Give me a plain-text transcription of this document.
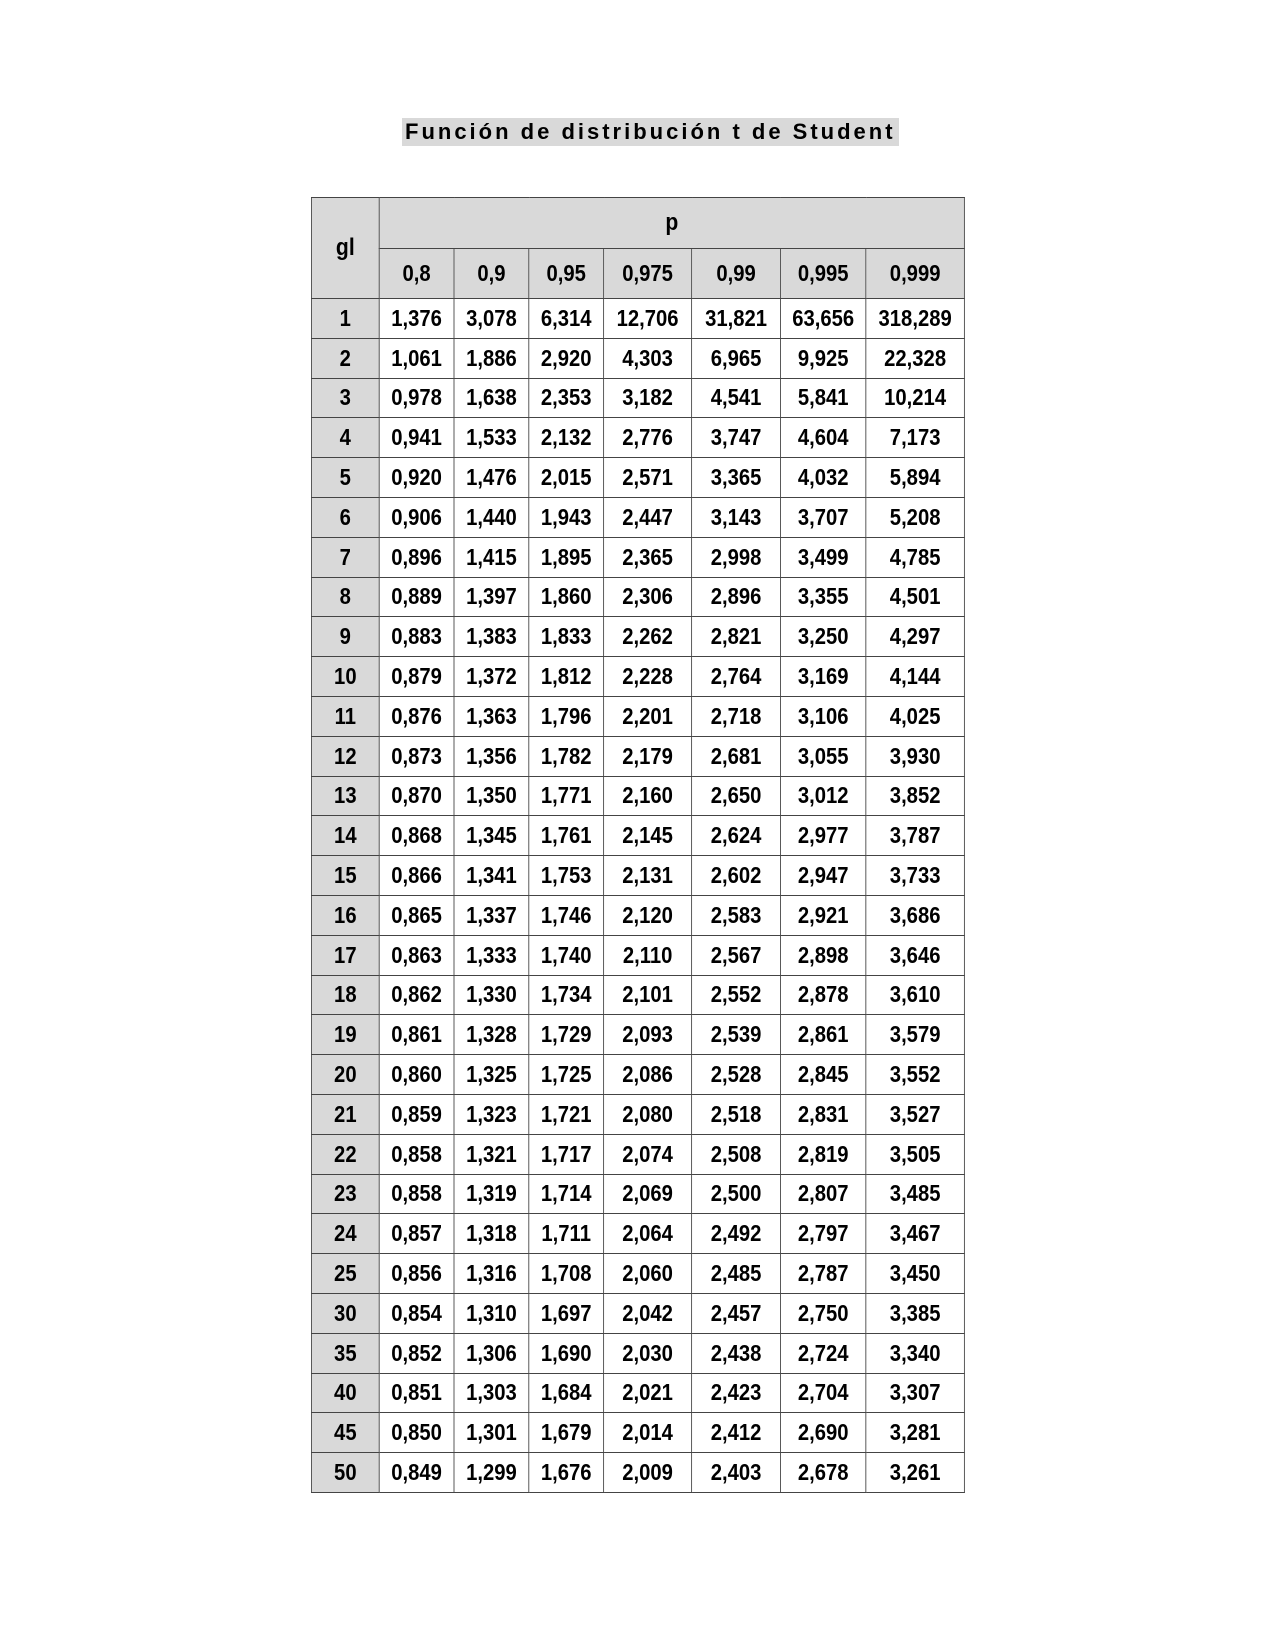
Función de distribución t de Student
gl	p						
	0,8	0,9	0,95	0,975	0,99	0,995	0,999
1	1,376	3,078	6,314	12,706	31,821	63,656	318,289
2	1,061	1,886	2,920	4,303	6,965	9,925	22,328
3	0,978	1,638	2,353	3,182	4,541	5,841	10,214
4	0,941	1,533	2,132	2,776	3,747	4,604	7,173
5	0,920	1,476	2,015	2,571	3,365	4,032	5,894
6	0,906	1,440	1,943	2,447	3,143	3,707	5,208
7	0,896	1,415	1,895	2,365	2,998	3,499	4,785
8	0,889	1,397	1,860	2,306	2,896	3,355	4,501
9	0,883	1,383	1,833	2,262	2,821	3,250	4,297
10	0,879	1,372	1,812	2,228	2,764	3,169	4,144
11	0,876	1,363	1,796	2,201	2,718	3,106	4,025
12	0,873	1,356	1,782	2,179	2,681	3,055	3,930
13	0,870	1,350	1,771	2,160	2,650	3,012	3,852
14	0,868	1,345	1,761	2,145	2,624	2,977	3,787
15	0,866	1,341	1,753	2,131	2,602	2,947	3,733
16	0,865	1,337	1,746	2,120	2,583	2,921	3,686
17	0,863	1,333	1,740	2,110	2,567	2,898	3,646
18	0,862	1,330	1,734	2,101	2,552	2,878	3,610
19	0,861	1,328	1,729	2,093	2,539	2,861	3,579
20	0,860	1,325	1,725	2,086	2,528	2,845	3,552
21	0,859	1,323	1,721	2,080	2,518	2,831	3,527
22	0,858	1,321	1,717	2,074	2,508	2,819	3,505
23	0,858	1,319	1,714	2,069	2,500	2,807	3,485
24	0,857	1,318	1,711	2,064	2,492	2,797	3,467
25	0,856	1,316	1,708	2,060	2,485	2,787	3,450
30	0,854	1,310	1,697	2,042	2,457	2,750	3,385
35	0,852	1,306	1,690	2,030	2,438	2,724	3,340
40	0,851	1,303	1,684	2,021	2,423	2,704	3,307
45	0,850	1,301	1,679	2,014	2,412	2,690	3,281
50	0,849	1,299	1,676	2,009	2,403	2,678	3,261
